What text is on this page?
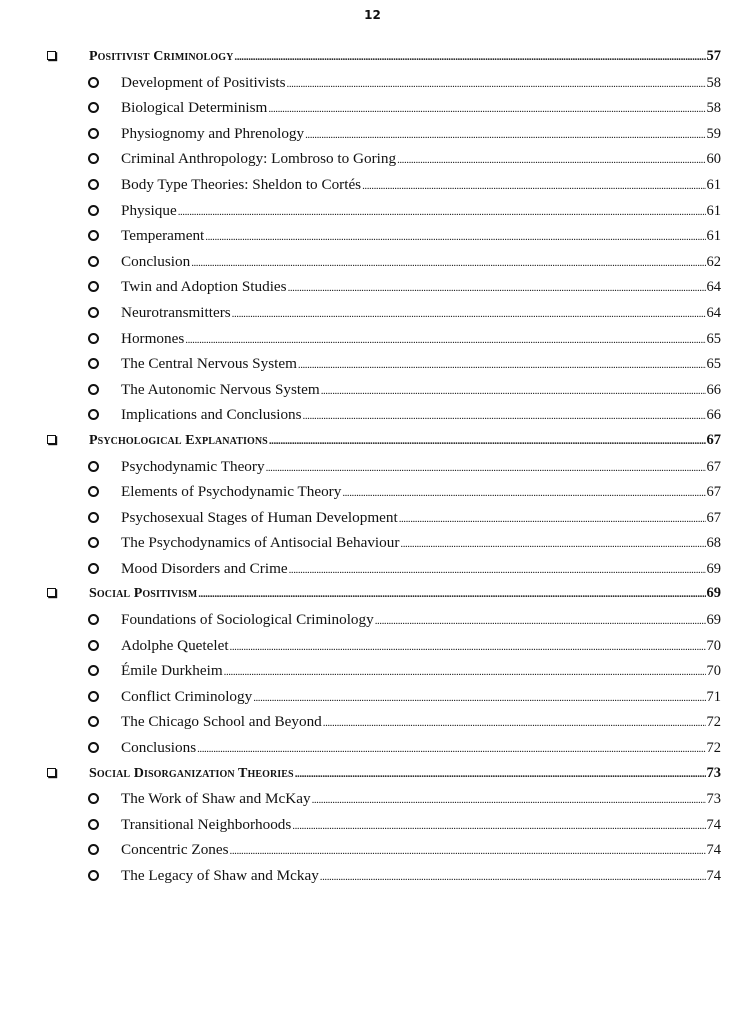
12
Positivist Criminology . . .	57
Development of Positivists . . .	58
Biological Determinism . . .	58
Physiognomy and Phrenology . . .	59
Criminal Anthropology: Lombroso to Goring . . .	60
Body Type Theories: Sheldon to Cortés . . .	61
Physique . . .	61
Temperament . . .	61
Conclusion . . .	62
Twin and Adoption Studies . . .	64
Neurotransmitters . . .	64
Hormones . . .	65
The Central Nervous System . . .	65
The Autonomic Nervous System . . .	66
Implications and Conclusions . . .	66
Psychological Explanations . . .	67
Psychodynamic Theory . . .	67
Elements of Psychodynamic Theory . . .	67
Psychosexual Stages of Human Development . . .	67
The Psychodynamics of Antisocial Behaviour . . .	68
Mood Disorders and Crime . . .	69
Social Positivism . . .	69
Foundations of Sociological Criminology . . .	69
Adolphe Quetelet . . .	70
Émile Durkheim . . .	70
Conflict Criminology . . .	71
The Chicago School and Beyond . . .	72
Conclusions . . .	72
Social Disorganization Theories . . .	73
The Work of Shaw and McKay . . .	73
Transitional Neighborhoods . . .	74
Concentric Zones . . .	74
The Legacy of Shaw and Mckay . . .	74
